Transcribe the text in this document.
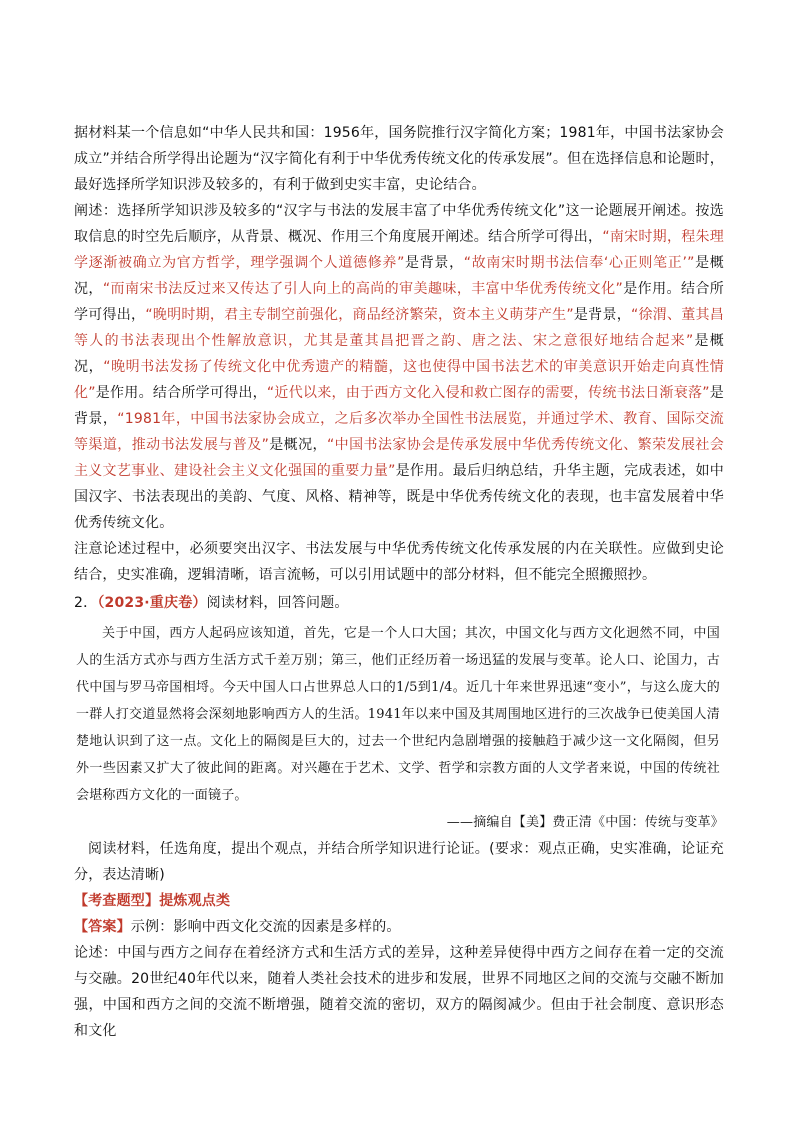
据材料某一个信息如“中华人民共和国：1956年，国务院推行汉字简化方案；1981年，中国书法家协会成立”并结合所学得出论题为“汉字简化有利于中华优秀传统文化的传承发展”。但在选择信息和论题时，最好选择所学知识涉及较多的，有利于做到史实丰富，史论结合。

阐述：选择所学知识涉及较多的“汉字与书法的发展丰富了中华优秀传统文化”这一论题展开阐述。按选取信息的时空先后顺序，从背景、概况、作用三个角度展开阐述。结合所学可得出，“南宋时期，程朱理学逐渐被确立为官方哲学，理学强调个人道德修养”是背景，“故南宋时期书法信奉‘心正则笔正’”是概况，“而南宋书法反过来又传达了引人向上的高尚的审美趣味，丰富中华优秀传统文化”是作用。结合所学可得出，“晚明时期，君主专制空前强化，商品经济繁荣，资本主义萌芽产生”是背景，“徐渭、董其昌等人的书法表现出个性解放意识，尤其是董其昌把晋之韵、唐之法、宋之意很好地结合起来”是概况，“晚明书法发扬了传统文化中优秀遗产的精髓，这也使得中国书法艺术的审美意识开始走向真性情化”是作用。结合所学可得出，“近代以来，由于西方文化入侵和救亡图存的需要，传统书法日渐衰落”是背景，“1981年，中国书法家协会成立，之后多次举办全国性书法展览，并通过学术、教育、国际交流等渠道，推动书法发展与普及”是概况，“中国书法家协会是传承发展中华优秀传统文化、繁荣发展社会主义文艺事业、建设社会主义文化强国的重要力量”是作用。最后归纳总结，升华主题，完成表述，如中国汉字、书法表现出的美韵、气度、风格、精神等，既是中华优秀传统文化的表现，也丰富发展着中华优秀传统文化。

注意论述过程中，必须要突出汉字、书法发展与中华优秀传统文化传承发展的内在关联性。应做到史论结合，史实准确，逻辑清晰，语言流畅，可以引用试题中的部分材料，但不能完全照搬照抄。

2．（2023·重庆卷）阅读材料，回答问题。

关于中国，西方人起码应该知道，首先，它是一个人口大国；其次，中国文化与西方文化迥然不同，中国人的生活方式亦与西方生活方式千差万别；第三，他们正经历着一场迅猛的发展与变革。论人口、论国力，古代中国与罗马帝国相埒。今天中国人口占世界总人口的1/5到1/4。近几十年来世界迅速“变小”，与这么庞大的一群人打交道显然将会深刻地影响西方人的生活。1941年以来中国及其周围地区进行的三次战争已使美国人清楚地认识到了这一点。文化上的隔阂是巨大的，过去一个世纪内急剧增强的接触趋于减少这一文化隔阂，但另外一些因素又扩大了彼此间的距离。对兴趣在于艺术、文学、哲学和宗教方面的人文学者来说，中国的传统社会堪称西方文化的一面镜子。

——摘编自【美】费正清《中国：传统与变革》

阅读材料，任选角度，提出个观点，并结合所学知识进行论证。(要求：观点正确，史实准确，论证充分，表达清晰)

【考查题型】提炼观点类

【答案】示例：影响中西文化交流的因素是多样的。

论述：中国与西方之间存在着经济方式和生活方式的差异，这种差异使得中西方之间存在着一定的交流与交融。20世纪40年代以来，随着人类社会技术的进步和发展，世界不同地区之间的交流与交融不断加强，中国和西方之间的交流不断增强，随着交流的密切，双方的隔阂减少。但由于社会制度、意识形态和文化
